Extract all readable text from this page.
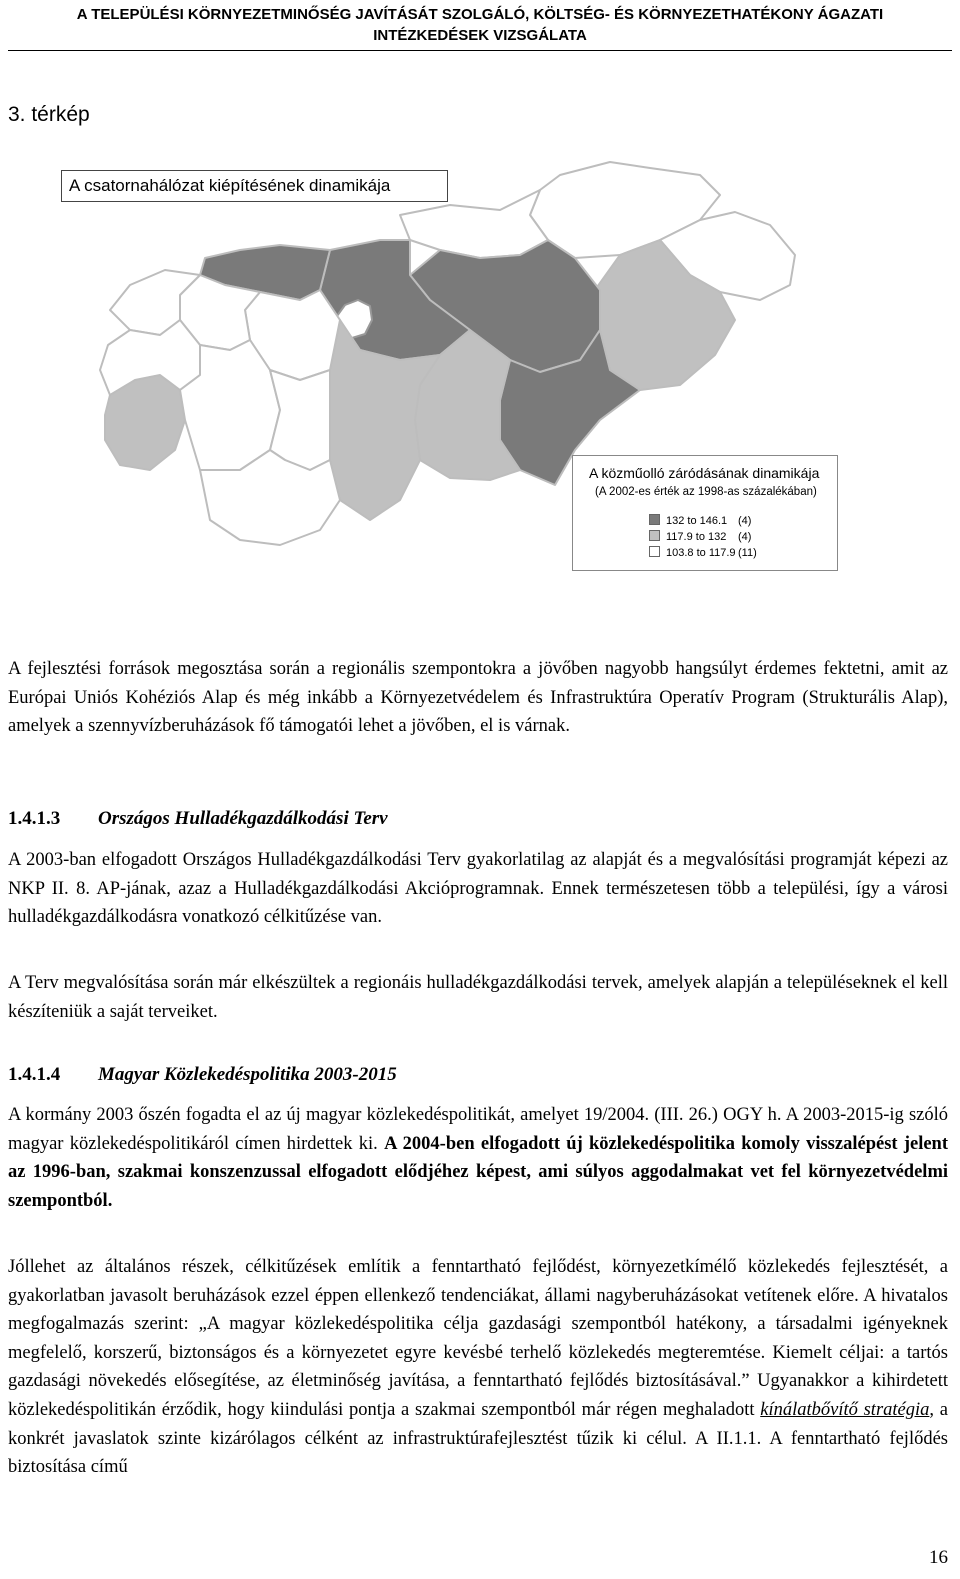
A TELEPÜLÉSI KÖRNYEZETMINŐSÉG JAVÍTÁSÁT SZOLGÁLÓ, KÖLTSÉG- ÉS KÖRNYEZETHATÉKONY ÁGAZATI
INTÉZKEDÉSEK VIZSGÁLATA
3. térkép
A csatornahálózat kiépítésének dinamikája
A közműolló záródásának dinamikája
(A 2002-es érték az 1998-as százalékában)
132 to 146.1 (4)
117.9 to 132 (4)
103.8 to 117.9 (11)

A fejlesztési források megosztása során a regionális szempontokra a jövőben nagyobb hangsúlyt érdemes fektetni, amit az Európai Uniós Kohéziós Alap és még inkább a Környezetvédelem és Infrastruktúra Operatív Program (Strukturális Alap), amelyek a szennyvízberuházások fő támogatói lehet a jövőben, el is várnak.

1.4.1.3 Országos Hulladékgazdálkodási Terv

A 2003-ban elfogadott Országos Hulladékgazdálkodási Terv gyakorlatilag az alapját és a megvalósítási programját képezi az NKP II. 8. AP-jának, azaz a Hulladékgazdálkodási Akcióprogramnak. Ennek természetesen több a települési, így a városi hulladékgazdálkodásra vonatkozó célkitűzése van.

A Terv megvalósítása során már elkészültek a regionáis hulladékgazdálkodási tervek, amelyek alapján a településeknek el kell készíteniük a saját terveiket.

1.4.1.4 Magyar Közlekedéspolitika 2003-2015

A kormány 2003 őszén fogadta el az új magyar közlekedéspolitikát, amelyet 19/2004. (III. 26.) OGY h. A 2003-2015-ig szóló magyar közlekedéspolitikáról címen hirdettek ki. A 2004-ben elfogadott új közlekedéspolitika komoly visszalépést jelent az 1996-ban, szakmai konszenzussal elfogadott elődjéhez képest, ami súlyos aggodalmakat vet fel környezetvédelmi szempontból.

Jóllehet az általános részek, célkitűzések említik a fenntartható fejlődést, környezetkímélő közlekedés fejlesztését, a gyakorlatban javasolt beruházások ezzel éppen ellenkező tendenciákat, állami nagyberuházásokat vetítenek előre. A hivatalos megfogalmazás szerint: „A magyar közlekedéspolitika célja gazdasági szempontból hatékony, a társadalmi igényeknek megfelelő, korszerű, biztonságos és a környezetet egyre kevésbé terhelő közlekedés megteremtése. Kiemelt céljai: a tartós gazdasági növekedés elősegítése, az életminőség javítása, a fenntartható fejlődés biztosításával.” Ugyanakkor a kihirdetett közlekedéspolitikán érződik, hogy kiindulási pontja a szakmai szempontból már régen meghaladott kínálatbővítő stratégia, a konkrét javaslatok szinte kizárólagos célként az infrastruktúrafejlesztést tűzik ki célul. A II.1.1. A fenntartható fejlődés biztosítása című

16
